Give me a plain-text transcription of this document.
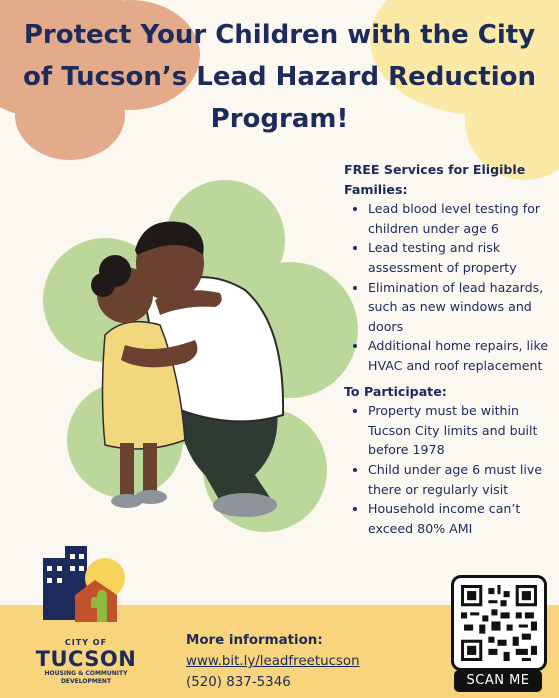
Protect Your Children with the City of Tucson’s Lead Hazard Reduction Program!
FREE Services for Eligible Families:
• Lead blood level testing for children under age 6
• Lead testing and risk assessment of property
• Elimination of lead hazards, such as new windows and doors
• Additional home repairs, like HVAC and roof replacement
To Participate:
• Property must be within Tucson City limits and built before 1978
• Child under age 6 must live there or regularly visit
• Household income can’t exceed 80% AMI
CITY OF
TUCSON
HOUSING & COMMUNITY DEVELOPMENT
More information:
www.bit.ly/leadfreetucson
(520) 837-5346	SCAN ME
